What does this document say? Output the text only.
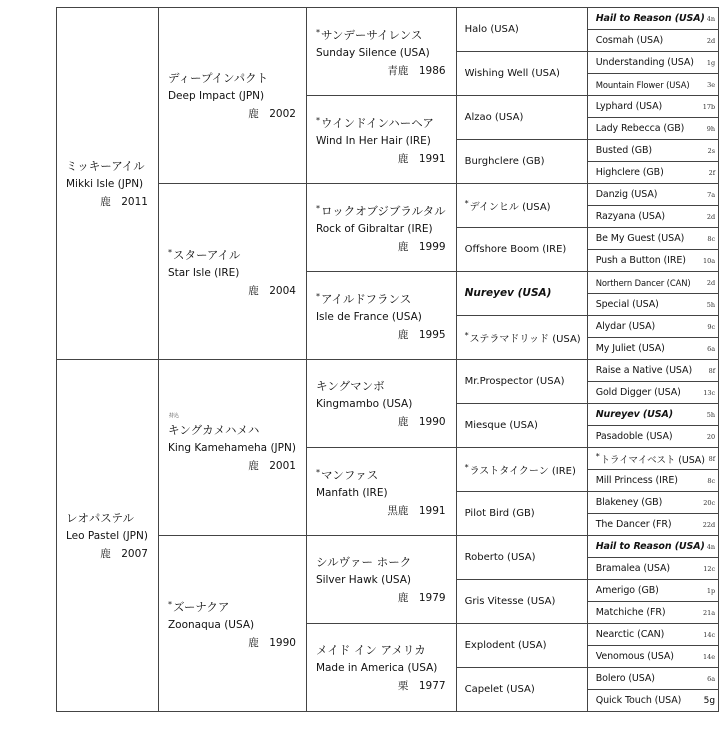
ミッキーアイル
Mikki Isle (JPN)
鹿　2011	ディープインパクト
Deep Impact (JPN)
鹿　2002	*サンデーサイレンス
Sunday Silence (USA)
青鹿　1986	Halo (USA)	Hail to Reason (USA) 4n

				Cosmah (USA) 2d

			Wishing Well (USA)	Understanding (USA) 1g

				Mountain Flower (USA) 3e

		*ウインドインハーヘア
Wind In Her Hair (IRE)
鹿　1991	Alzao (USA)	Lyphard (USA) 17b

				Lady Rebecca (GB) 9h

			Burghclere (GB)	Busted (GB) 2s

				Highclere (GB) 2f

	*スターアイル
Star Isle (IRE)
鹿　2004	*ロックオブジブラルタル
Rock of Gibraltar (IRE)
鹿　1999	*デインヒル (USA)	Danzig (USA) 7a

				Razyana (USA) 2d

			Offshore Boom (IRE)	Be My Guest (USA) 8c

				Push a Button (IRE) 10a

		*アイルドフランス
Isle de France (USA)
鹿　1995	Nureyev (USA)	Northern Dancer (CAN) 2d

				Special (USA) 5h

			*ステラマドリッド (USA)	Alydar (USA) 9c

				My Juliet (USA) 6a

レオパステル
Leo Pastel (JPN)
鹿　2007	持込
キングカメハメハ
King Kamehameha (JPN)
鹿　2001	キングマンボ
Kingmambo (USA)
鹿　1990	Mr.Prospector (USA)	Raise a Native (USA) 8f

				Gold Digger (USA) 13c

			Miesque (USA)	Nureyev (USA) 5h

				Pasadoble (USA) 20

		*マンファス
Manfath (IRE)
黒鹿　1991	*ラストタイクーン (IRE)	*トライマイベスト (USA) 8f

				Mill Princess (IRE) 8c

			Pilot Bird (GB)	Blakeney (GB) 20c

				The Dancer (FR) 22d

	*ズーナクア
Zoonaqua (USA)
鹿　1990	シルヴァー ホーク
Silver Hawk (USA)
鹿　1979	Roberto (USA)	Hail to Reason (USA) 4n

				Bramalea (USA) 12c

			Gris Vitesse (USA)	Amerigo (GB) 1p

				Matchiche (FR) 21a

		メイド イン アメリカ
Made in America (USA)
栗　1977	Explodent (USA)	Nearctic (CAN) 14c

				Venomous (USA) 14e

			Capelet (USA)	Bolero (USA) 6a

				Quick Touch (USA) 5g
